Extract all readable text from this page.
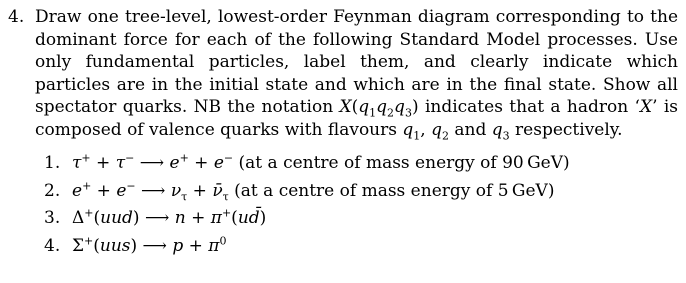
4. Draw one tree-level, lowest-order Feynman diagram corresponding to the dominant force for each of the following Standard Model processes. Use only fundamental particles, label them, and clearly indicate which particles are in the initial state and which are in the final state. Show all spectator quarks. NB the notation $X(q_1q_2q_3)$ indicates that a hadron ‘X’ is composed of valence quarks with flavours $q_1$, $q_2$ and $q_3$ respectively.
1. τ+ + τ− ⟶ e+ + e− (at a centre of mass energy of 90 GeV)
2. e+ + e− ⟶ $\nu_\tau$ + $\nū_\tau$ (at a centre of mass energy of 5 GeV)
3. Δ+(uud) ⟶ n + π+(ud̄)
4. Σ+(uus) ⟶ $p + \pi^0$
